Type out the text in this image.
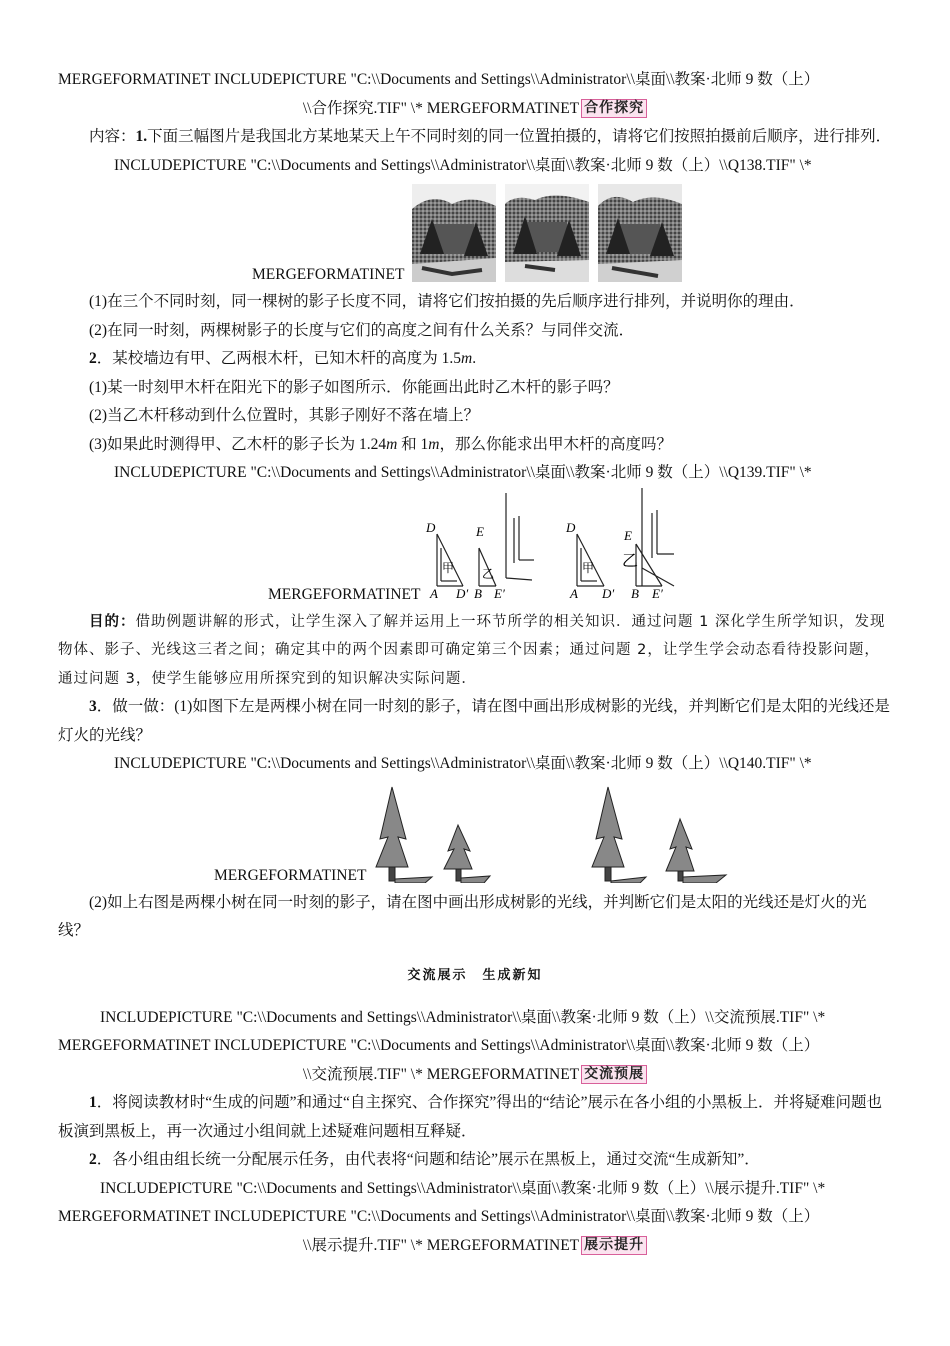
MERGEFORMATINET INCLUDEPICTURE "C:\\Documents and Settings\\Administrator\\桌面\\教案·北师 9 数（上）

\\合作探究.TIF" \* MERGEFORMATINET 合作探究

内容：1.下面三幅图片是我国北方某地某天上午不同时刻的同一位置拍摄的，请将它们按照拍摄前后顺序，进行排列．

INCLUDEPICTURE "C:\\Documents and Settings\\Administrator\\桌面\\教案·北师 9 数（上）\\Q138.TIF" \*

MERGEFORMATINET

(1)在三个不同时刻，同一棵树的影子长度不同，请将它们按拍摄的先后顺序进行排列，并说明你的理由．

(2)在同一时刻，两棵树影子的长度与它们的高度之间有什么关系？与同伴交流．

2．某校墙边有甲、乙两根木杆，已知木杆的高度为 1.5m.

(1)某一时刻甲木杆在阳光下的影子如图所示．你能画出此时乙木杆的影子吗？

(2)当乙木杆移动到什么位置时，其影子刚好不落在墙上？

(3)如果此时测得甲、乙木杆的影子长为 1.24m 和 1m，那么你能求出甲木杆的高度吗？

INCLUDEPICTURE "C:\\Documents and Settings\\Administrator\\桌面\\教案·北师 9 数（上）\\Q139.TIF" \*

MERGEFORMATINET
D	E
A D′ B E′
甲 乙
D
E
A D′ B E′
甲 乙

目的：借助例题讲解的形式，让学生深入了解并运用上一环节所学的相关知识．通过问题 1 深化学生所学知识，发现物体、影子、光线这三者之间；确定其中的两个因素即可确定第三个因素；通过问题 2，让学生学会动态看待投影问题，通过问题 3，使学生能够应用所探究到的知识解决实际问题．

3．做一做：(1)如图下左是两棵小树在同一时刻的影子，请在图中画出形成树影的光线，并判断它们是太阳的光线还是灯火的光线？

INCLUDEPICTURE "C:\\Documents and Settings\\Administrator\\桌面\\教案·北师 9 数（上）\\Q140.TIF" \*

MERGEFORMATINET

(2)如上右图是两棵小树在同一时刻的影子，请在图中画出形成树影的光线，并判断它们是太阳的光线还是灯火的光线？

交流展示　生成新知

INCLUDEPICTURE "C:\\Documents and Settings\\Administrator\\桌面\\教案·北师 9 数（上）\\交流预展.TIF" \*

MERGEFORMATINET INCLUDEPICTURE "C:\\Documents and Settings\\Administrator\\桌面\\教案·北师 9 数（上）

\\交流预展.TIF" \* MERGEFORMATINET 交流预展

1．将阅读教材时“生成的问题”和通过“自主探究、合作探究”得出的“结论”展示在各小组的小黑板上．并将疑难问题也板演到黑板上，再一次通过小组间就上述疑难问题相互释疑．

2．各小组由组长统一分配展示任务，由代表将“问题和结论”展示在黑板上，通过交流“生成新知”．

INCLUDEPICTURE "C:\\Documents and Settings\\Administrator\\桌面\\教案·北师 9 数（上）\\展示提升.TIF" \*

MERGEFORMATINET INCLUDEPICTURE "C:\\Documents and Settings\\Administrator\\桌面\\教案·北师 9 数（上）

\\展示提升.TIF" \* MERGEFORMATINET 展示提升
